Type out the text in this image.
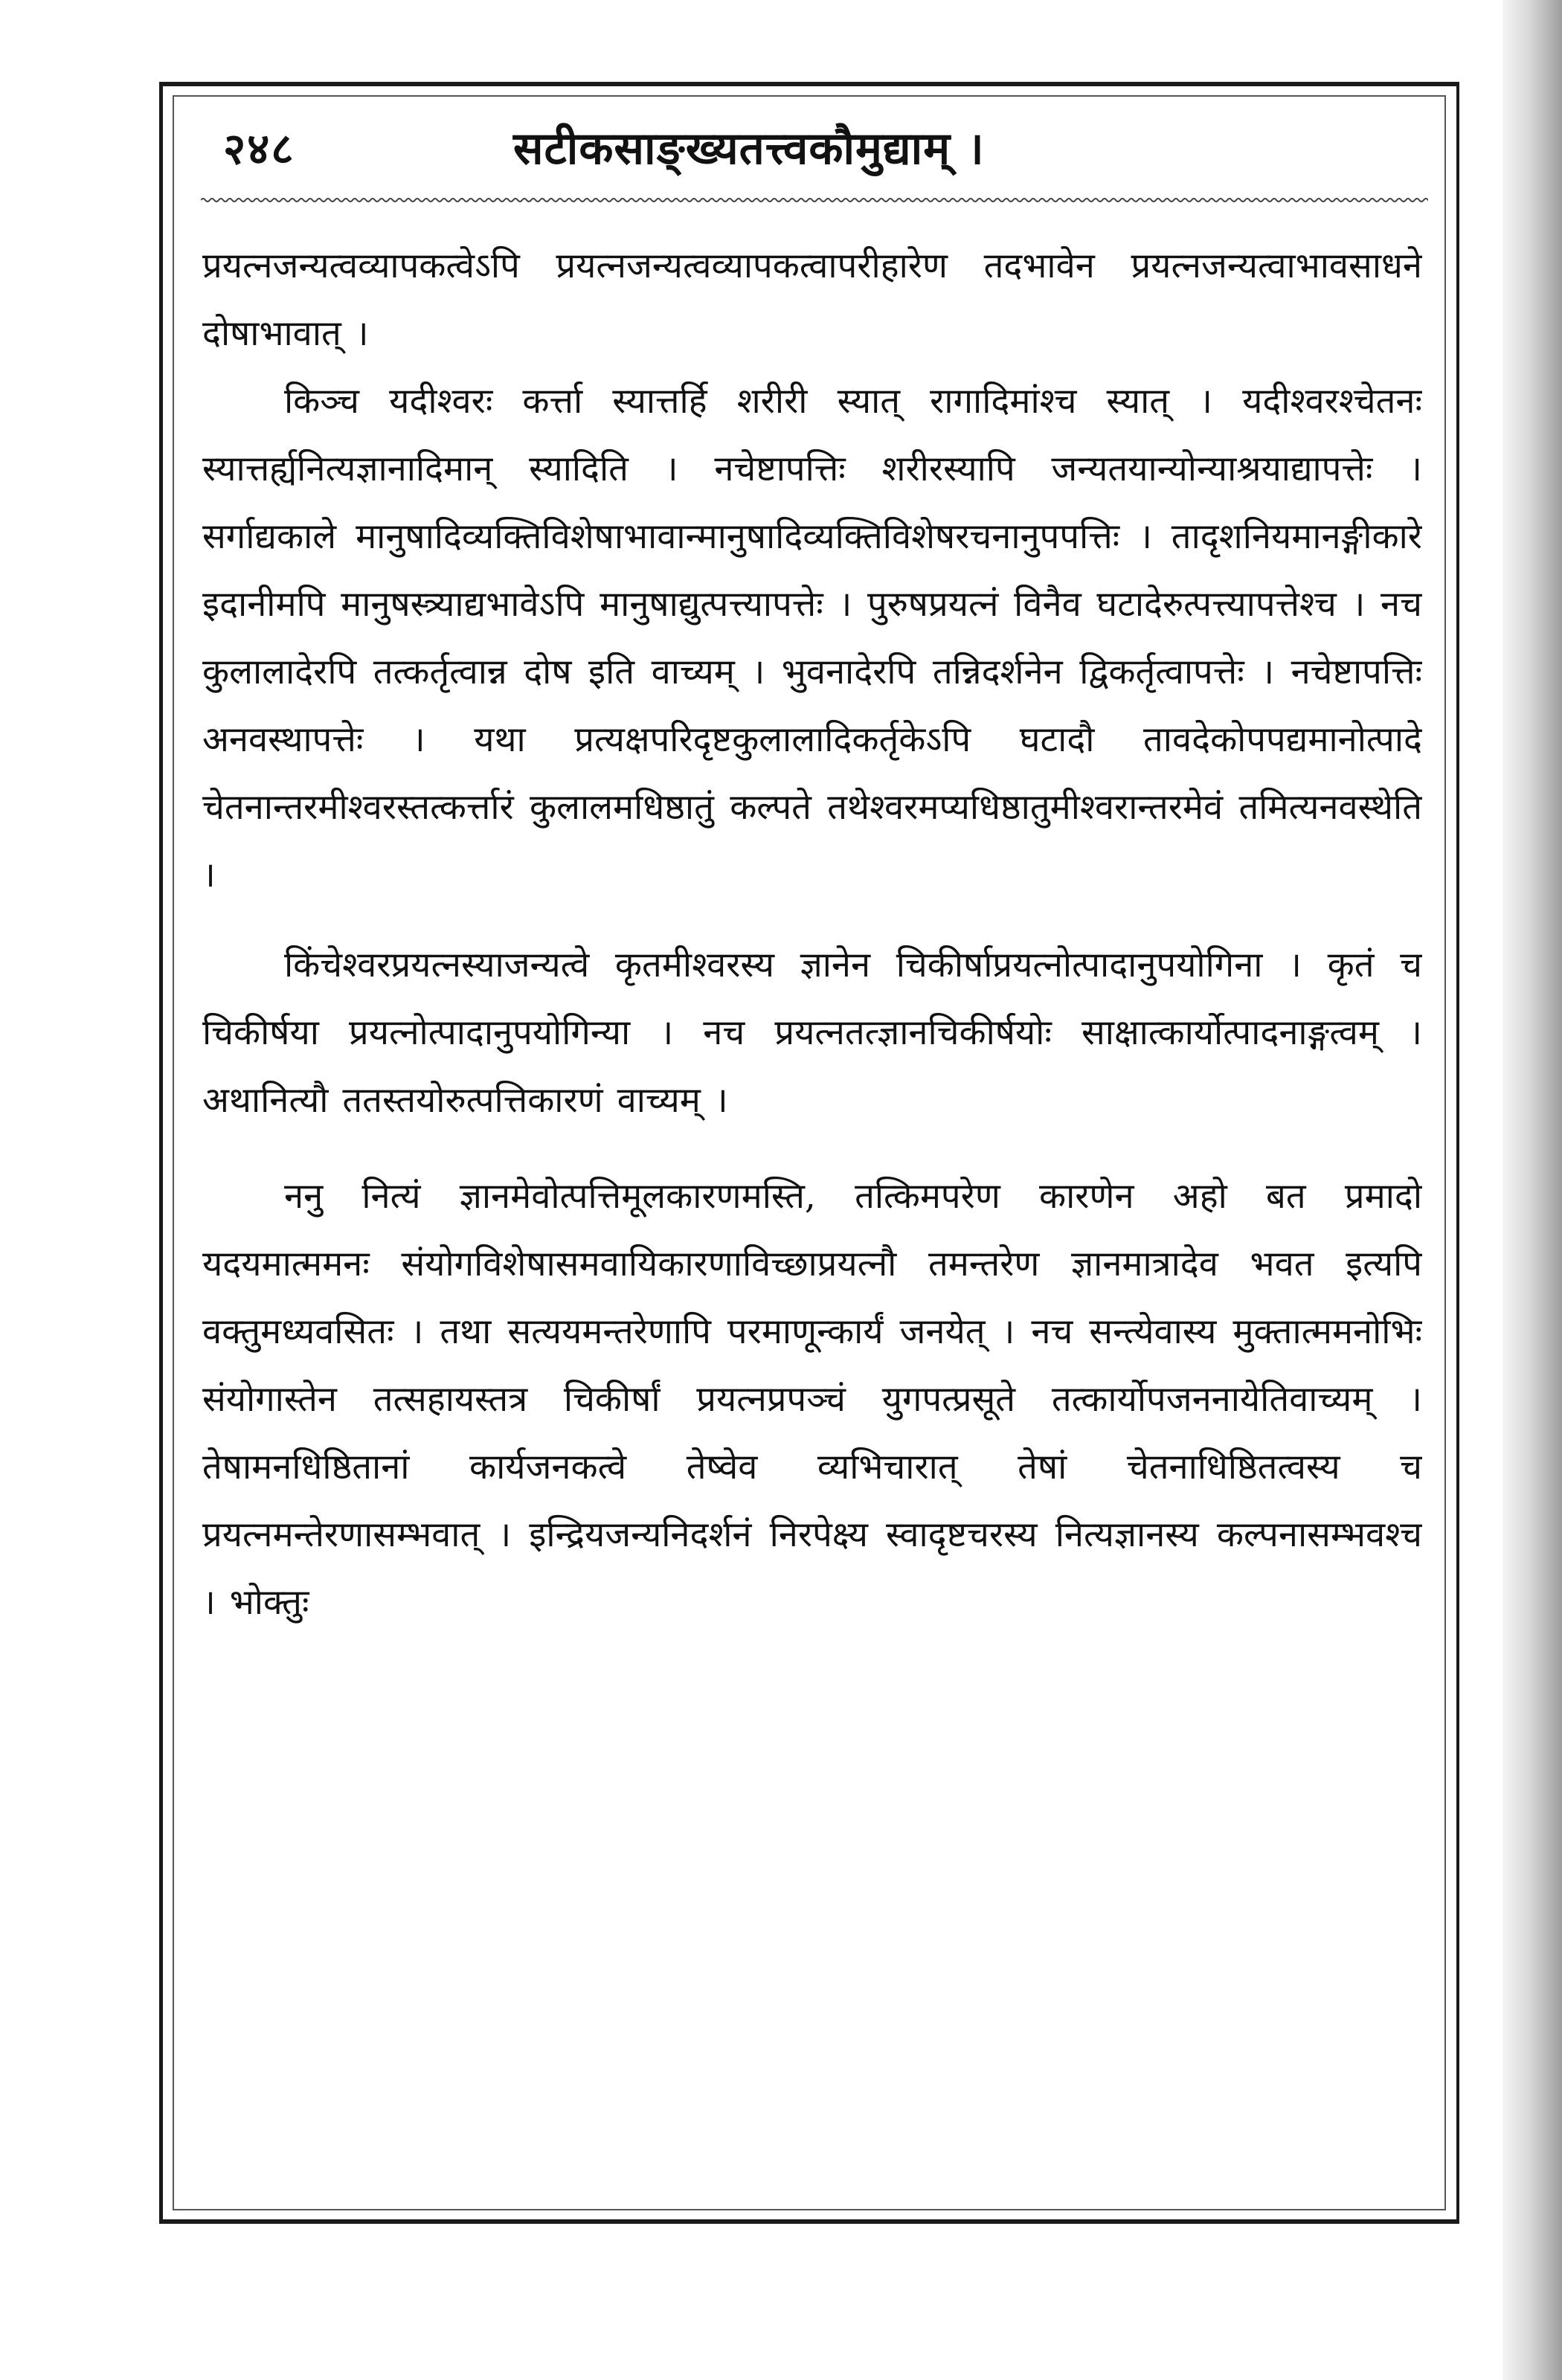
२४८	सटीकसाङ्ख्यतत्त्वकौमुद्याम् ।

प्रयत्नजन्यत्वव्यापकत्वेऽपि प्रयत्नजन्यत्वव्यापकत्वापरीहारेण तदभावेन प्रयत्नजन्यत्वाभावसाधने दोषाभावात् ।

किञ्च यदीश्वरः कर्त्ता स्यात्तर्हि शरीरी स्यात् रागादिमांश्च स्यात् । यदीश्वरश्चेतनः स्यात्तर्ह्यनित्यज्ञानादिमान् स्यादिति । नचेष्टापत्तिः शरीरस्यापि जन्यतयान्योन्याश्रयाद्यापत्तेः । सर्गाद्यकाले मानुषादिव्यक्तिविशेषाभावान्मानुषादिव्यक्तिविशेषरचनानुपपत्तिः । तादृशनियमानङ्गीकारे इदानीमपि मानुषस्त्र्याद्यभावेऽपि मानुषाद्युत्पत्त्यापत्तेः । पुरुषप्रयत्नं विनैव घटादेरुत्पत्त्यापत्तेश्च । नच कुलालादेरपि तत्कर्तृत्वान्न दोष इति वाच्यम् । भुवनादेरपि तन्निदर्शनेन द्विकर्तृत्वापत्तेः । नचेष्टापत्तिः अनवस्थापत्तेः । यथा प्रत्यक्षपरिदृष्टकुलालादिकर्तृकेऽपि घटादौ तावदेकोपपद्यमानोत्पादे चेतनान्तरमीश्वरस्तत्कर्त्तारं कुलालमधिष्ठातुं कल्पते तथेश्वरमप्यधिष्ठातुमीश्वरान्तरमेवं तमित्यनवस्थेति ।

किंचेश्वरप्रयत्नस्याजन्यत्वे कृतमीश्वरस्य ज्ञानेन चिकीर्षाप्रयत्नोत्पादानुपयोगिना । कृतं च चिकीर्षया प्रयत्नोत्पादानुपयोगिन्या । नच प्रयत्नतत्ज्ञानचिकीर्षयोः साक्षात्कार्योत्पादनाङ्गत्वम् । अथानित्यौ ततस्तयोरुत्पत्तिकारणं वाच्यम् ।

ननु नित्यं ज्ञानमेवोत्पत्तिमूलकारणमस्ति, तत्किमपरेण कारणेन अहो बत प्रमादो यदयमात्ममनः संयोगविशेषासमवायिकारणाविच्छाप्रयत्नौ तमन्तरेण ज्ञानमात्रादेव भवत इत्यपि वक्तुमध्यवसितः । तथा सत्ययमन्तरेणापि परमाणून्कार्यं जनयेत् । नच सन्त्येवास्य मुक्तात्ममनोभिः संयोगास्तेन तत्सहायस्तत्र चिकीर्षां प्रयत्नप्रपञ्चं युगपत्प्रसूते तत्कार्योपजननायेतिवाच्यम् । तेषामनधिष्ठितानां कार्यजनकत्वे तेष्वेव व्यभिचारात् तेषां चेतनाधिष्ठितत्वस्य च प्रयत्नमन्तेरणासम्भवात् । इन्द्रियजन्यनिदर्शनं निरपेक्ष्य स्वादृष्टचरस्य नित्यज्ञानस्य कल्पनासम्भवश्च । भोक्तुः
